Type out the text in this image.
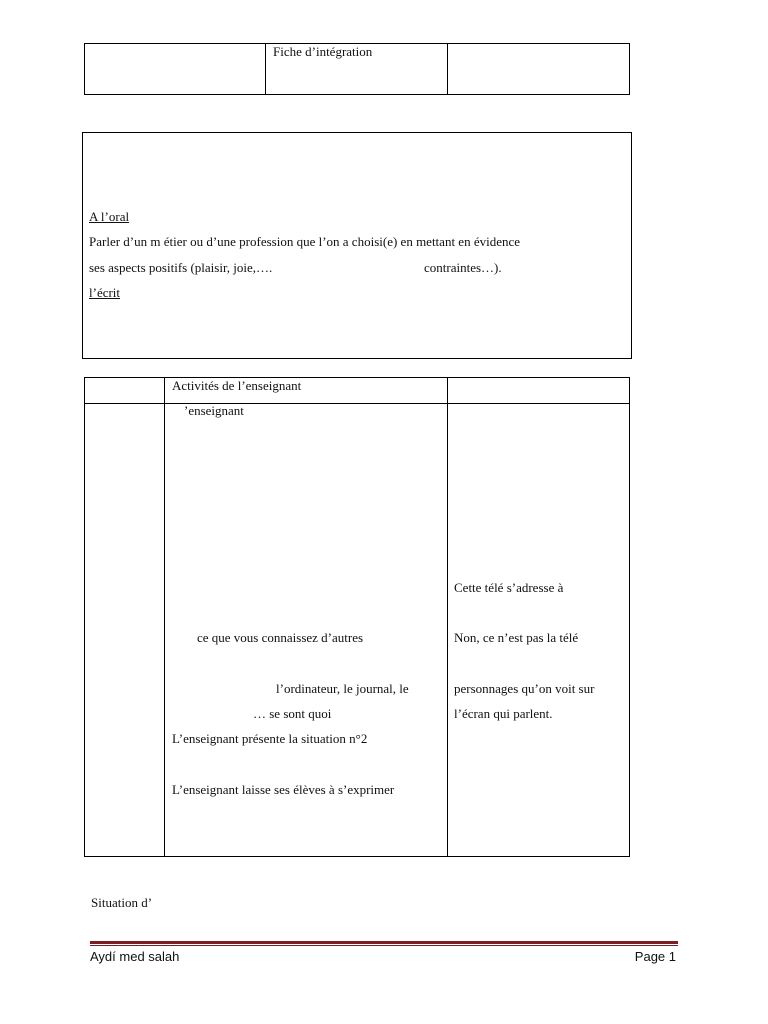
Fiche d’intégration
A l’oral
Parler d’un m étier ou d’une profession que l’on a choisi(e) en mettant en évidence
ses aspects positifs (plaisir, joie,….	contraintes…).
l’écrit
Activités de l’enseignant
’enseignant
ce que vous connaissez d’autres
l’ordinateur, le journal, le
… se sont quoi
L’enseignant présente la situation n°2
L’enseignant laisse ses élèves à s’exprimer
Cette télé s’adresse à
Non, ce n’est pas la télé
personnages qu’on voit sur
l’écran qui parlent.
Situation d’
Aydí med salah	Page 1
